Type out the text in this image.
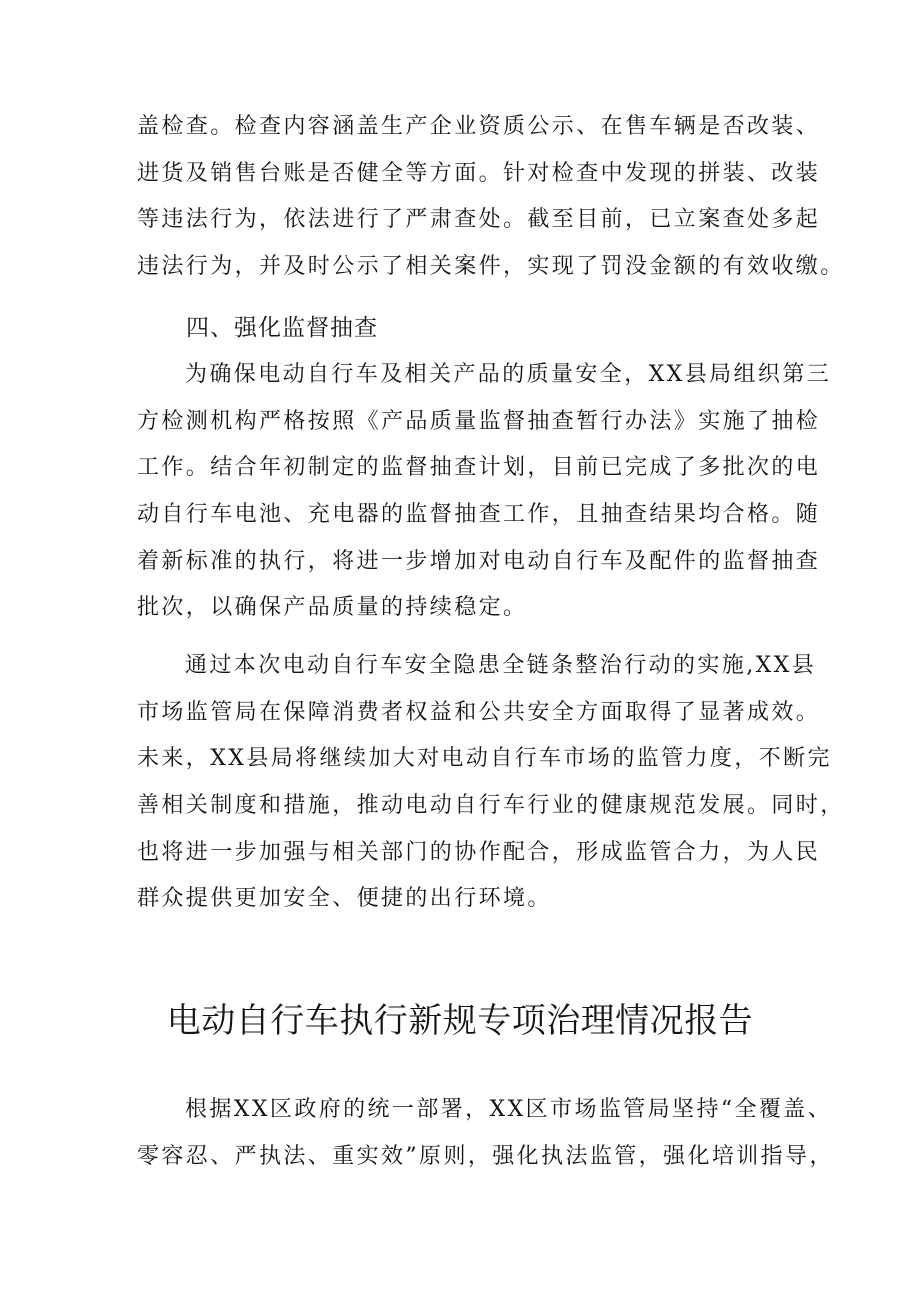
盖检查。检查内容涵盖生产企业资质公示、在售车辆是否改装、
进货及销售台账是否健全等方面。针对检查中发现的拼装、改装
等违法行为，依法进行了严肃查处。截至目前，已立案查处多起
违法行为，并及时公示了相关案件，实现了罚没金额的有效收缴。
四、强化监督抽查
为确保电动自行车及相关产品的质量安全，XX县局组织第三
方检测机构严格按照《产品质量监督抽查暂行办法》实施了抽检
工作。结合年初制定的监督抽查计划，目前已完成了多批次的电
动自行车电池、充电器的监督抽查工作，且抽查结果均合格。随
着新标准的执行，将进一步增加对电动自行车及配件的监督抽查
批次，以确保产品质量的持续稳定。
通过本次电动自行车安全隐患全链条整治行动的实施,XX县
市场监管局在保障消费者权益和公共安全方面取得了显著成效。
未来，XX县局将继续加大对电动自行车市场的监管力度，不断完
善相关制度和措施，推动电动自行车行业的健康规范发展。同时，
也将进一步加强与相关部门的协作配合，形成监管合力，为人民
群众提供更加安全、便捷的出行环境。
电动自行车执行新规专项治理情况报告
根据XX区政府的统一部署，XX区市场监管局坚持“全覆盖、
零容忍、严执法、重实效”原则，强化执法监管，强化培训指导，
